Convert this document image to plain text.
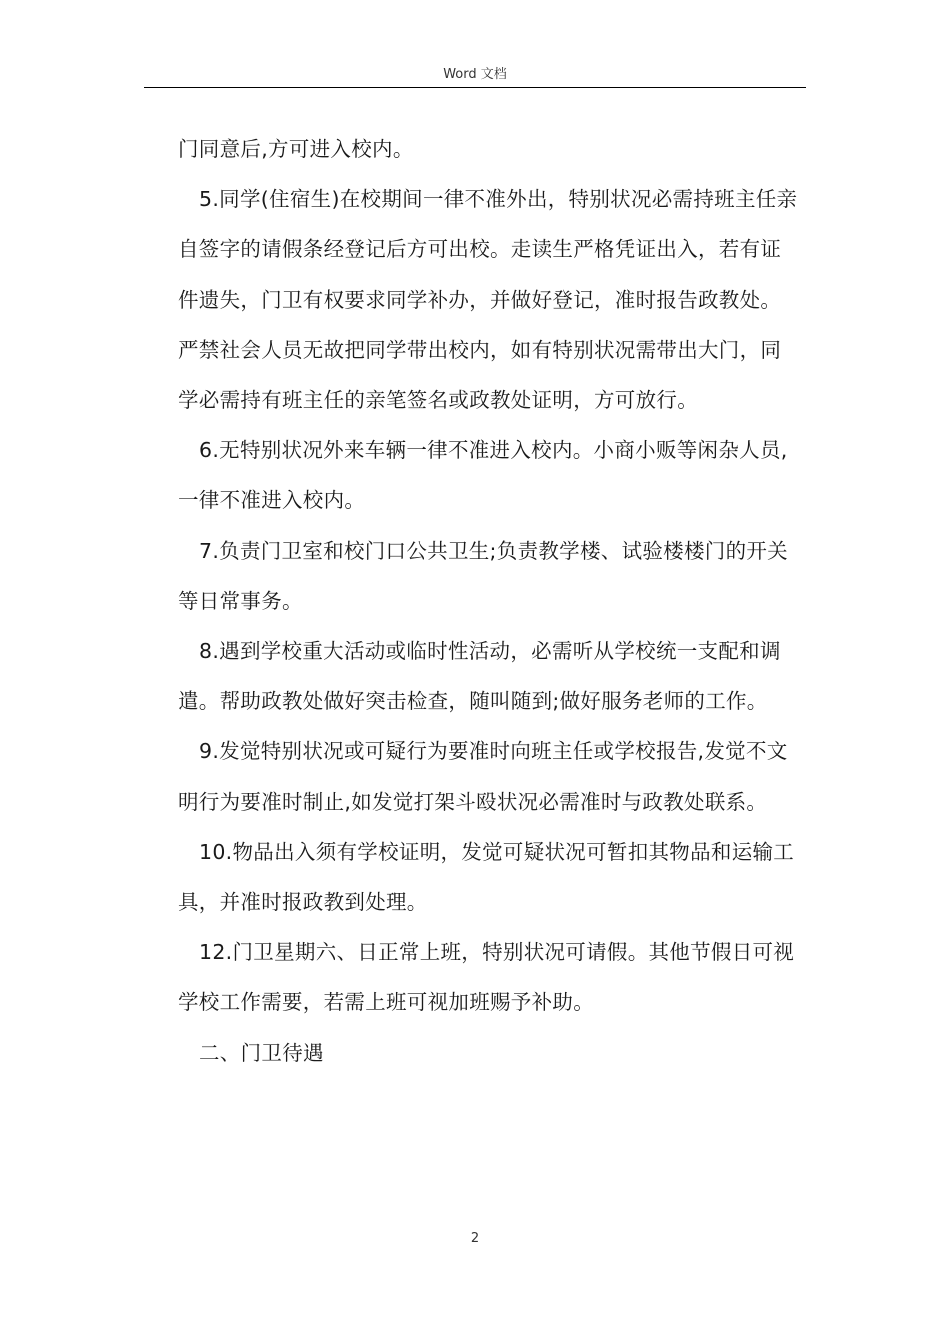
Word 文档

门同意后,方可进入校内。

5.同学(住宿生)在校期间一律不准外出，特别状况必需持班主任亲自签字的请假条经登记后方可出校。走读生严格凭证出入，若有证件遗失，门卫有权要求同学补办，并做好登记，准时报告政教处。严禁社会人员无故把同学带出校内，如有特别状况需带出大门，同学必需持有班主任的亲笔签名或政教处证明，方可放行。

6.无特别状况外来车辆一律不准进入校内。小商小贩等闲杂人员,一律不准进入校内。

7.负责门卫室和校门口公共卫生;负责教学楼、试验楼楼门的开关等日常事务。

8.遇到学校重大活动或临时性活动，必需听从学校统一支配和调遣。帮助政教处做好突击检查，随叫随到;做好服务老师的工作。

9.发觉特别状况或可疑行为要准时向班主任或学校报告,发觉不文明行为要准时制止,如发觉打架斗殴状况必需准时与政教处联系。

10.物品出入须有学校证明，发觉可疑状况可暂扣其物品和运输工具，并准时报政教到处理。

12.门卫星期六、日正常上班，特别状况可请假。其他节假日可视学校工作需要，若需上班可视加班赐予补助。

二、门卫待遇

2
